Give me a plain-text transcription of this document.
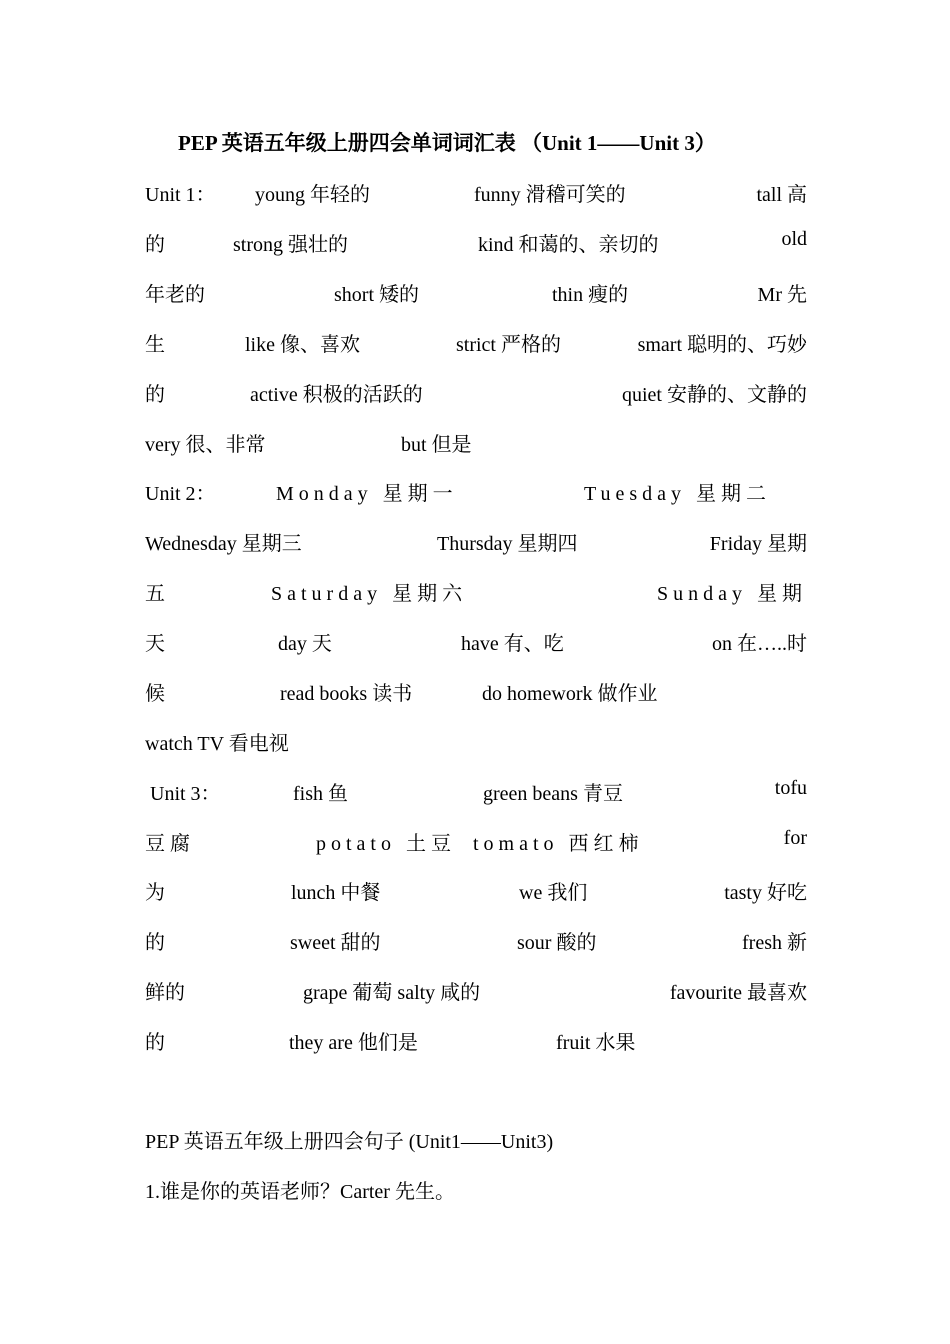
PEP 英语五年级上册四会单词词汇表 （Unit 1——Unit 3）
Unit 1： young 年轻的	funny 滑稽可笑的	tall 高
的	strong 强壮的	kind 和蔼的、亲切的	old
年老的	short 矮的	thin 瘦的	Mr 先
生	like 像、喜欢	strict 严格的	smart 聪明的、巧妙
的	active 积极的活跃的	quiet 安静的、文静的
very 很、非常	but 但是
Unit 2：	Monday 星期一	Tuesday 星期二
Wednesday 星期三	Thursday 星期四	Friday 星期
五	Saturday 星期六	Sunday 星期
天	day 天	have 有、吃	on 在…..时
候	read books 读书	do homework 做作业
watch TV 看电视
Unit 3：	fish 鱼	green beans 青豆	tofu
豆腐	potato 土豆 tomato 西红柿	for
为	lunch 中餐	we 我们	tasty 好吃
的	sweet 甜的	sour 酸的	fresh 新
鲜的	grape 葡萄 salty 咸的	favourite 最喜欢
的	they are 他们是	fruit 水果
PEP 英语五年级上册四会句子 (Unit1——Unit3)
1.谁是你的英语老师？Carter 先生。
